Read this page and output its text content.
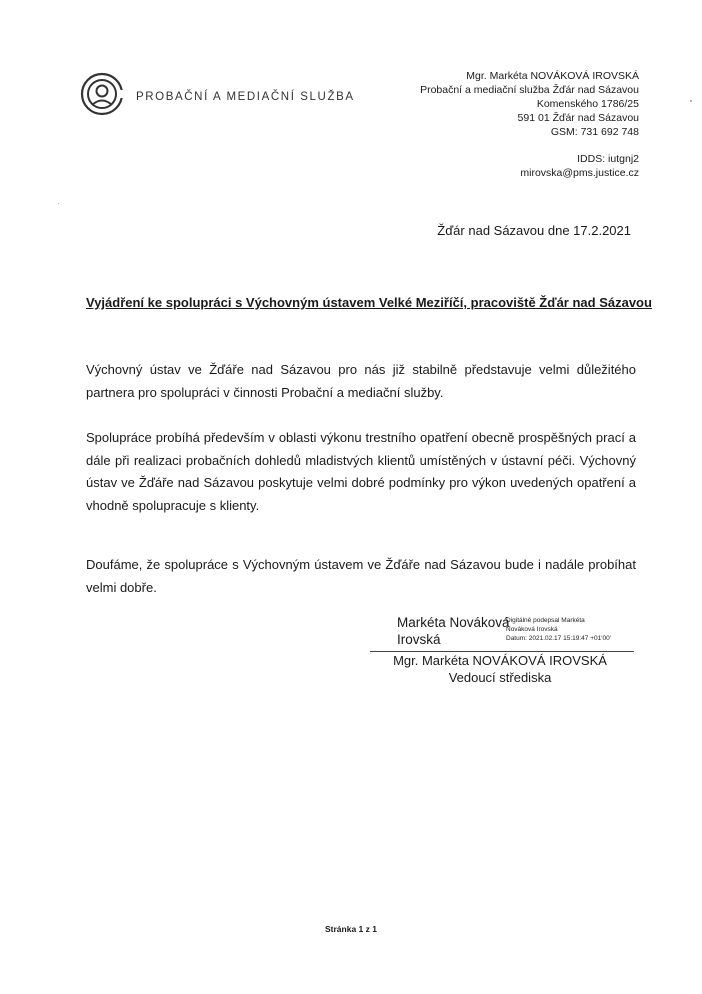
PROBAČNÍ A MEDIAČNÍ SLUŽBA
Mgr. Markéta NOVÁKOVÁ IROVSKÁ
Probační a mediační služba Žďár nad Sázavou
Komenského 1786/25
591 01 Žďár nad Sázavou
GSM: 731 692 748
IDDS: iutgnj2
mirovska@pms.justice.cz
Žďár nad Sázavou dne 17.2.2021
Vyjádření ke spolupráci s Výchovným ústavem Velké Meziříčí, pracoviště Žďár nad Sázavou

Výchovný ústav ve Žďáře nad Sázavou pro nás již stabilně představuje velmi důležitého partnera pro spolupráci v činnosti Probační a mediační služby.

Spolupráce probíhá především v oblasti výkonu trestního opatření obecně prospěšných prací a dále při realizaci probačních dohledů mladistvých klientů umístěných v ústavní péči. Výchovný ústav ve Žďáře nad Sázavou poskytuje velmi dobré podmínky pro výkon uvedených opatření a vhodně spolupracuje s klienty.

Doufáme, že spolupráce s Výchovným ústavem ve Žďáře nad Sázavou bude i nadále probíhat velmi dobře.

Markéta Nováková
Irovská
Digitálně podepsal Markéta
Nováková Irovská
Datum: 2021.02.17 15:19:47 +01'00'
Mgr. Markéta NOVÁKOVÁ IROVSKÁ
Vedoucí střediska
Stránka 1 z 1
